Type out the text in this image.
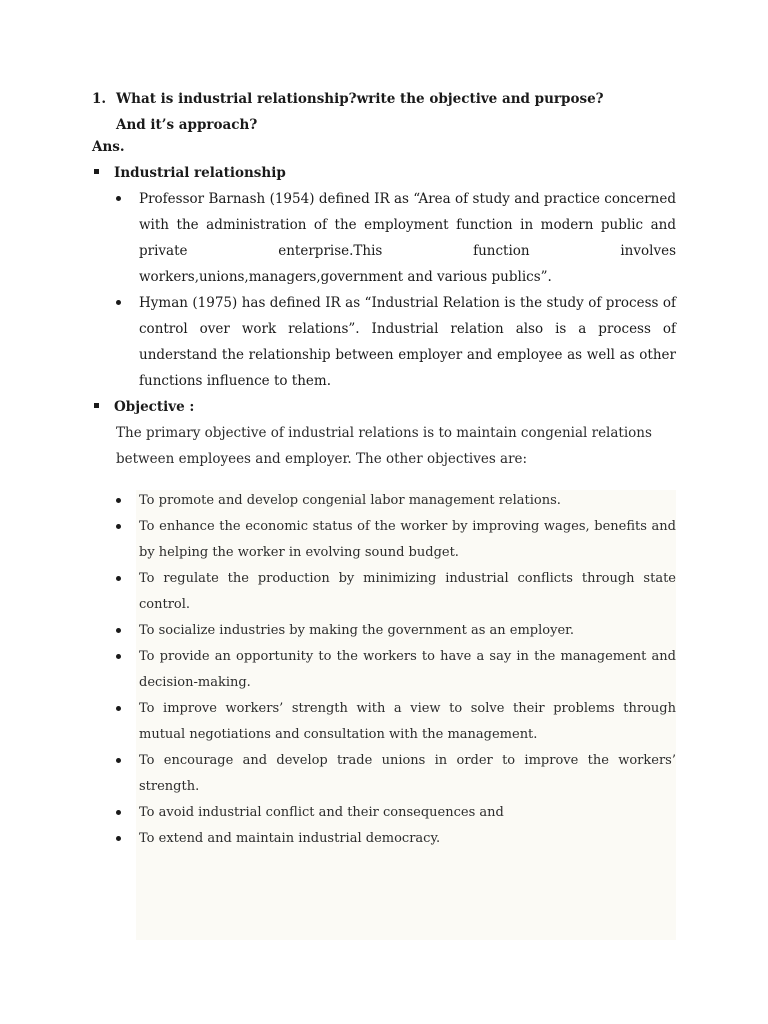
1. What is industrial relationship?write the objective and purpose?
And it’s approach?
Ans.
Industrial relationship
Professor Barnash (1954) defined IR as “Area of study and practice concerned with the administration of the employment function in modern public and private enterprise.This function involves workers,unions,managers,government and various publics”.
Hyman (1975) has defined IR as “Industrial Relation is the study of process of control over work relations”. Industrial relation also is a process of understand the relationship between employer and employee as well as other functions influence to them.
Objective :
The primary objective of industrial relations is to maintain congenial relations between employees and employer. The other objectives are:
To promote and develop congenial labor management relations.
To enhance the economic status of the worker by improving wages, benefits and by helping the worker in evolving sound budget.
To regulate the production by minimizing industrial conflicts through state control.
To socialize industries by making the government as an employer.
To provide an opportunity to the workers to have a say in the management and decision-making.
To improve workers’ strength with a view to solve their problems through mutual negotiations and consultation with the management.
To encourage and develop trade unions in order to improve the workers’ strength.
To avoid industrial conflict and their consequences and
To extend and maintain industrial democracy.
